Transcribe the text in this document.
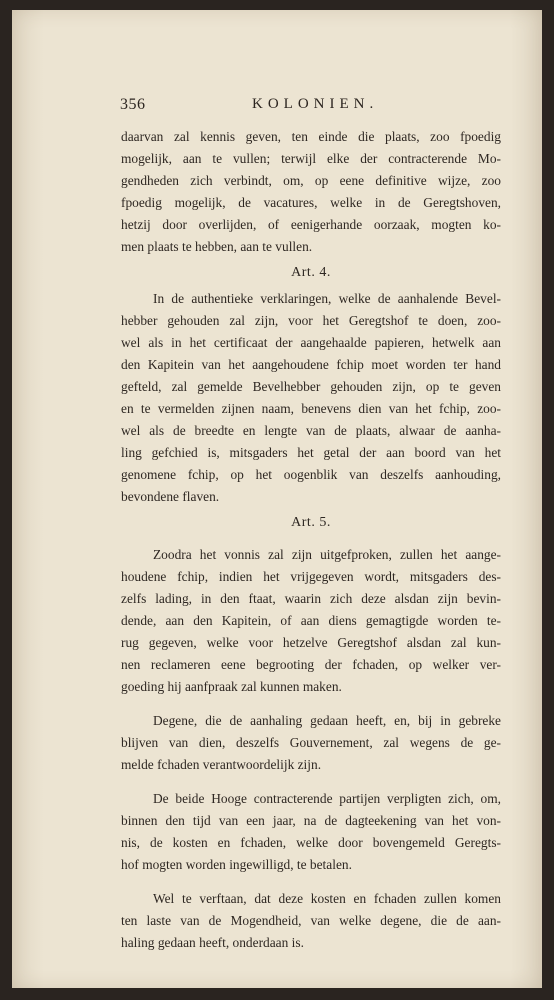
356	KOLONIEN.
daarvan zal kennis geven, ten einde die plaats, zoo fpoedig
mogelijk, aan te vullen; terwijl elke der contracterende Mo-
gendheden zich verbindt, om, op eene definitive wijze, zoo
fpoedig mogelijk, de vacatures, welke in de Geregtshoven,
hetzij door overlijden, of eenigerhande oorzaak, mogten ko-
men plaats te hebben, aan te vullen.
Art. 4.
In de authentieke verklaringen, welke de aanhalende Bevel-
hebber gehouden zal zijn, voor het Geregtshof te doen, zoo-
wel als in het certificaat der aangehaalde papieren, hetwelk aan
den Kapitein van het aangehoudene fchip moet worden ter hand
gefteld, zal gemelde Bevelhebber gehouden zijn, op te geven
en te vermelden zijnen naam, benevens dien van het fchip, zoo-
wel als de breedte en lengte van de plaats, alwaar de aanha-
ling gefchied is, mitsgaders het getal der aan boord van het
genomene fchip, op het oogenblik van deszelfs aanhouding,
bevondene flaven.
Art. 5.
Zoodra het vonnis zal zijn uitgefproken, zullen het aange-
houdene fchip, indien het vrijgegeven wordt, mitsgaders des-
zelfs lading, in den ftaat, waarin zich deze alsdan zijn bevin-
dende, aan den Kapitein, of aan diens gemagtigde worden te-
rug gegeven, welke voor hetzelve Geregtshof alsdan zal kun-
nen reclameren eene begrooting der fchaden, op welker ver-
goeding hij aanfpraak zal kunnen maken.
Degene, die de aanhaling gedaan heeft, en, bij in gebreke
blijven van dien, deszelfs Gouvernement, zal wegens de ge-
melde fchaden verantwoordelijk zijn.
De beide Hooge contracterende partijen verpligten zich, om,
binnen den tijd van een jaar, na de dagteekening van het von-
nis, de kosten en fchaden, welke door bovengemeld Geregts-
hof mogten worden ingewilligd, te betalen.
Wel te verftaan, dat deze kosten en fchaden zullen komen
ten laste van de Mogendheid, van welke degene, die de aan-
haling gedaan heeft, onderdaan is.
